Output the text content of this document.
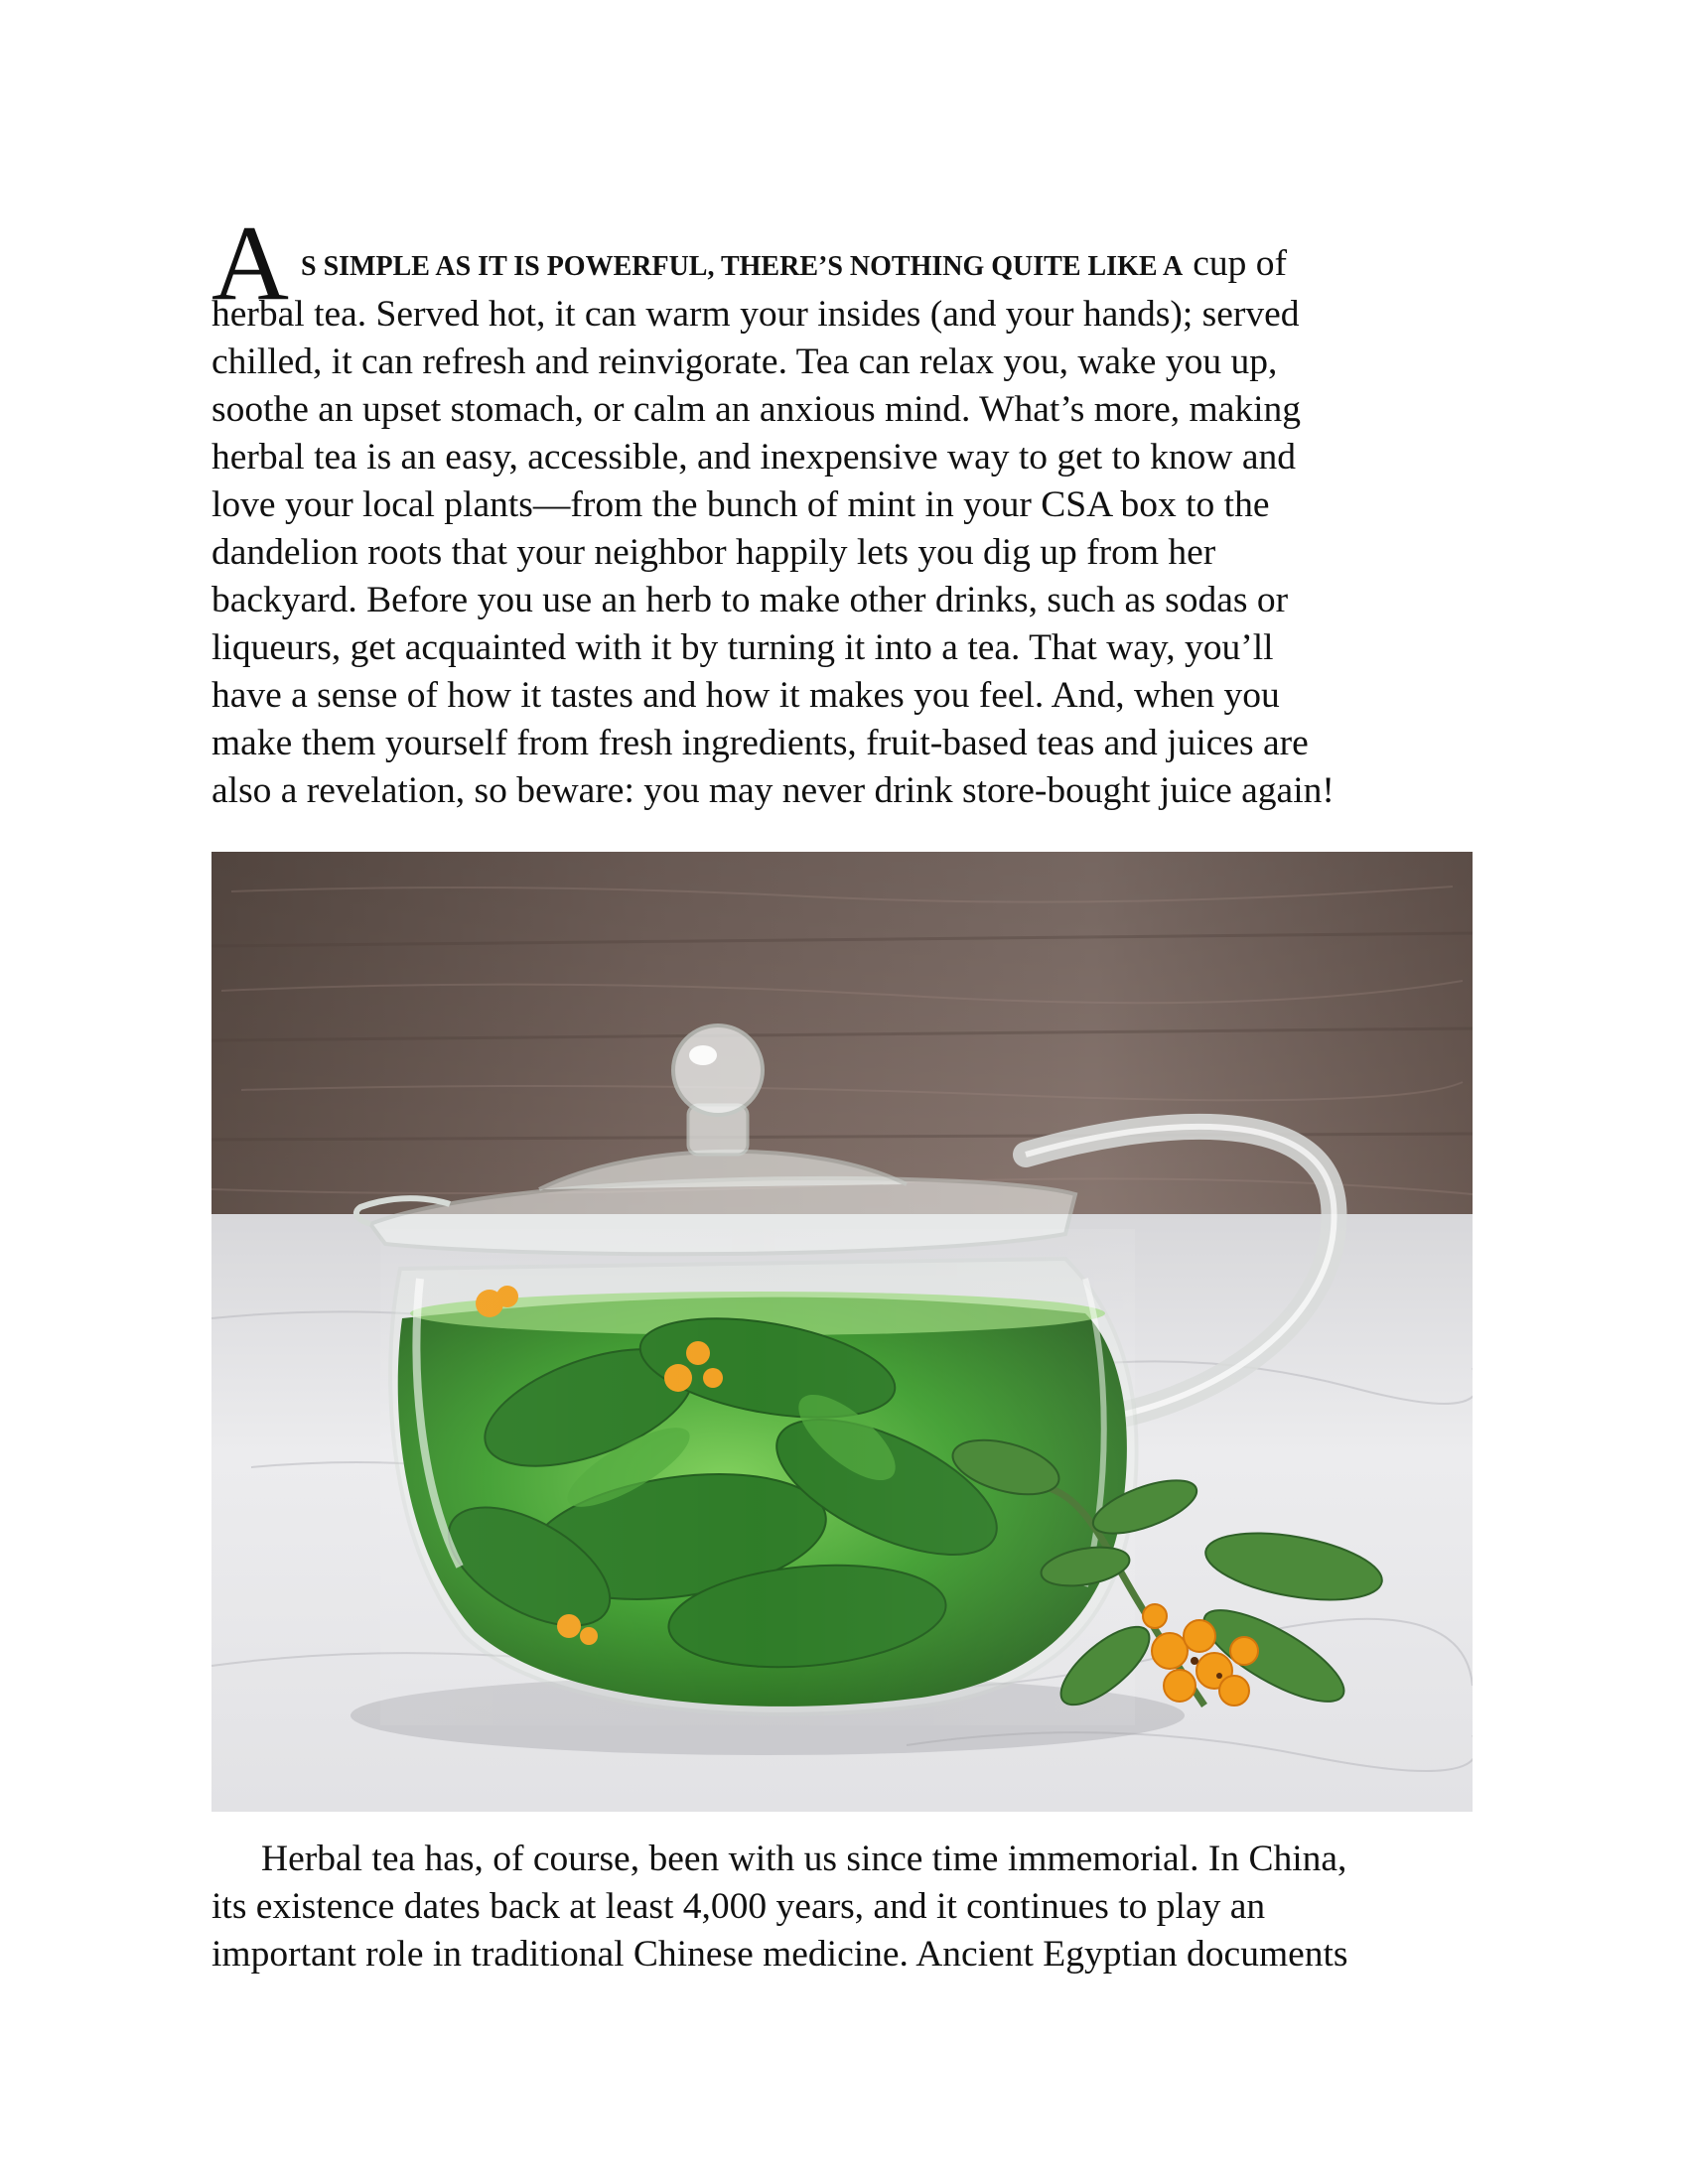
A S SIMPLE AS IT IS POWERFUL, THERE’S NOTHING QUITE LIKE A cup of
herbal tea. Served hot, it can warm your insides (and your hands); served
chilled, it can refresh and reinvigorate. Tea can relax you, wake you up,
soothe an upset stomach, or calm an anxious mind. What’s more, making
herbal tea is an easy, accessible, and inexpensive way to get to know and
love your local plants—from the bunch of mint in your CSA box to the
dandelion roots that your neighbor happily lets you dig up from her
backyard. Before you use an herb to make other drinks, such as sodas or
liqueurs, get acquainted with it by turning it into a tea. That way, you’ll
have a sense of how it tastes and how it makes you feel. And, when you
make them yourself from fresh ingredients, fruit-based teas and juices are
also a revelation, so beware: you may never drink store-bought juice again!
Herbal tea has, of course, been with us since time immemorial. In China,
its existence dates back at least 4,000 years, and it continues to play an
important role in traditional Chinese medicine. Ancient Egyptian documents
